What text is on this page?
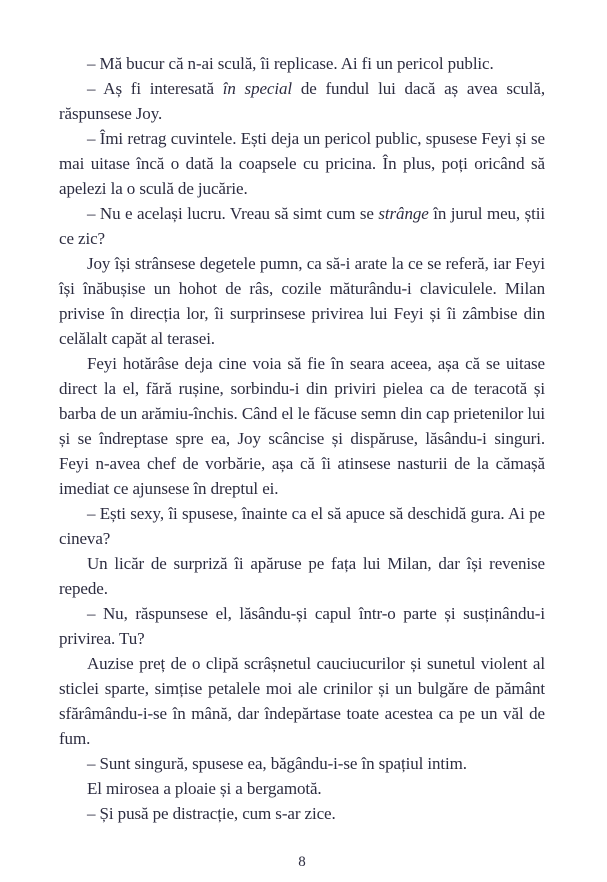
– Mă bucur că n-ai sculă, îi replicase. Ai fi un pericol public.

– Aș fi interesată în special de fundul lui dacă aș avea sculă, răspunsese Joy.

– Îmi retrag cuvintele. Ești deja un pericol public, spusese Feyi și se mai uitase încă o dată la coapsele cu pricina. În plus, poți oricând să apelezi la o sculă de jucărie.

– Nu e același lucru. Vreau să simt cum se strânge în jurul meu, știi ce zic?

Joy își strânsese degetele pumn, ca să-i arate la ce se referă, iar Feyi își înăbușise un hohot de râs, cozile măturându-i claviculele. Milan privise în direcția lor, îi surprinsese privirea lui Feyi și îi zâmbise din celălalt capăt al terasei.

Feyi hotărâse deja cine voia să fie în seara aceea, așa că se uitase direct la el, fără rușine, sorbindu-i din priviri pielea ca de teracotă și barba de un arămiu-închis. Când el le făcuse semn din cap prietenilor lui și se îndreptase spre ea, Joy scâncise și dispăruse, lăsându-i singuri. Feyi n-avea chef de vorbărie, așa că îi atinsese nasturii de la cămașă imediat ce ajunsese în dreptul ei.

– Ești sexy, îi spusese, înainte ca el să apuce să deschidă gura. Ai pe cineva?

Un licăr de surpriză îi apăruse pe fața lui Milan, dar își revenise repede.

– Nu, răspunsese el, lăsându-și capul într-o parte și susținându-i privirea. Tu?

Auzise preț de o clipă scrâșnetul cauciucurilor și sunetul violent al sticlei sparte, simțise petalele moi ale crinilor și un bulgăre de pământ sfărâmându-i-se în mână, dar îndepărtase toate acestea ca pe un văl de fum.

– Sunt singură, spusese ea, băgându-i-se în spațiul intim.

El mirosea a ploaie și a bergamotă.

– Și pusă pe distracție, cum s-ar zice.

8
